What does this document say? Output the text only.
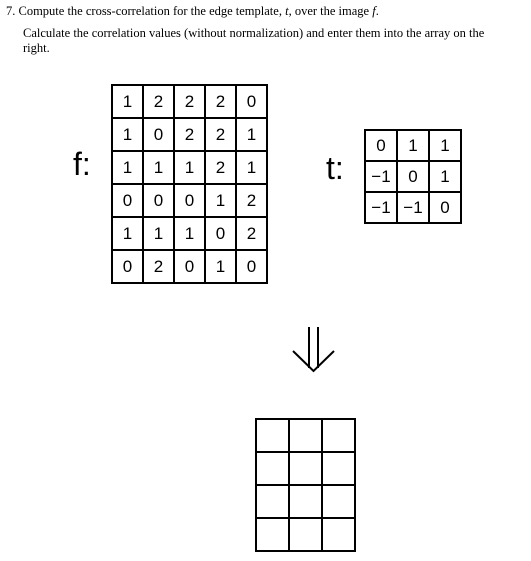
7. Compute the cross-correlation for the edge template, t, over the image f.
Calculate the correlation values (without normalization) and enter them into the array on the
right.
f:
1	2	2	2	0
1	0	2	2	1
1	1	1	2	1
0	0	0	1	2
1	1	1	0	2
0	2	0	1	0
t:
0	1	1
−1	0	1
−1	−1	0
